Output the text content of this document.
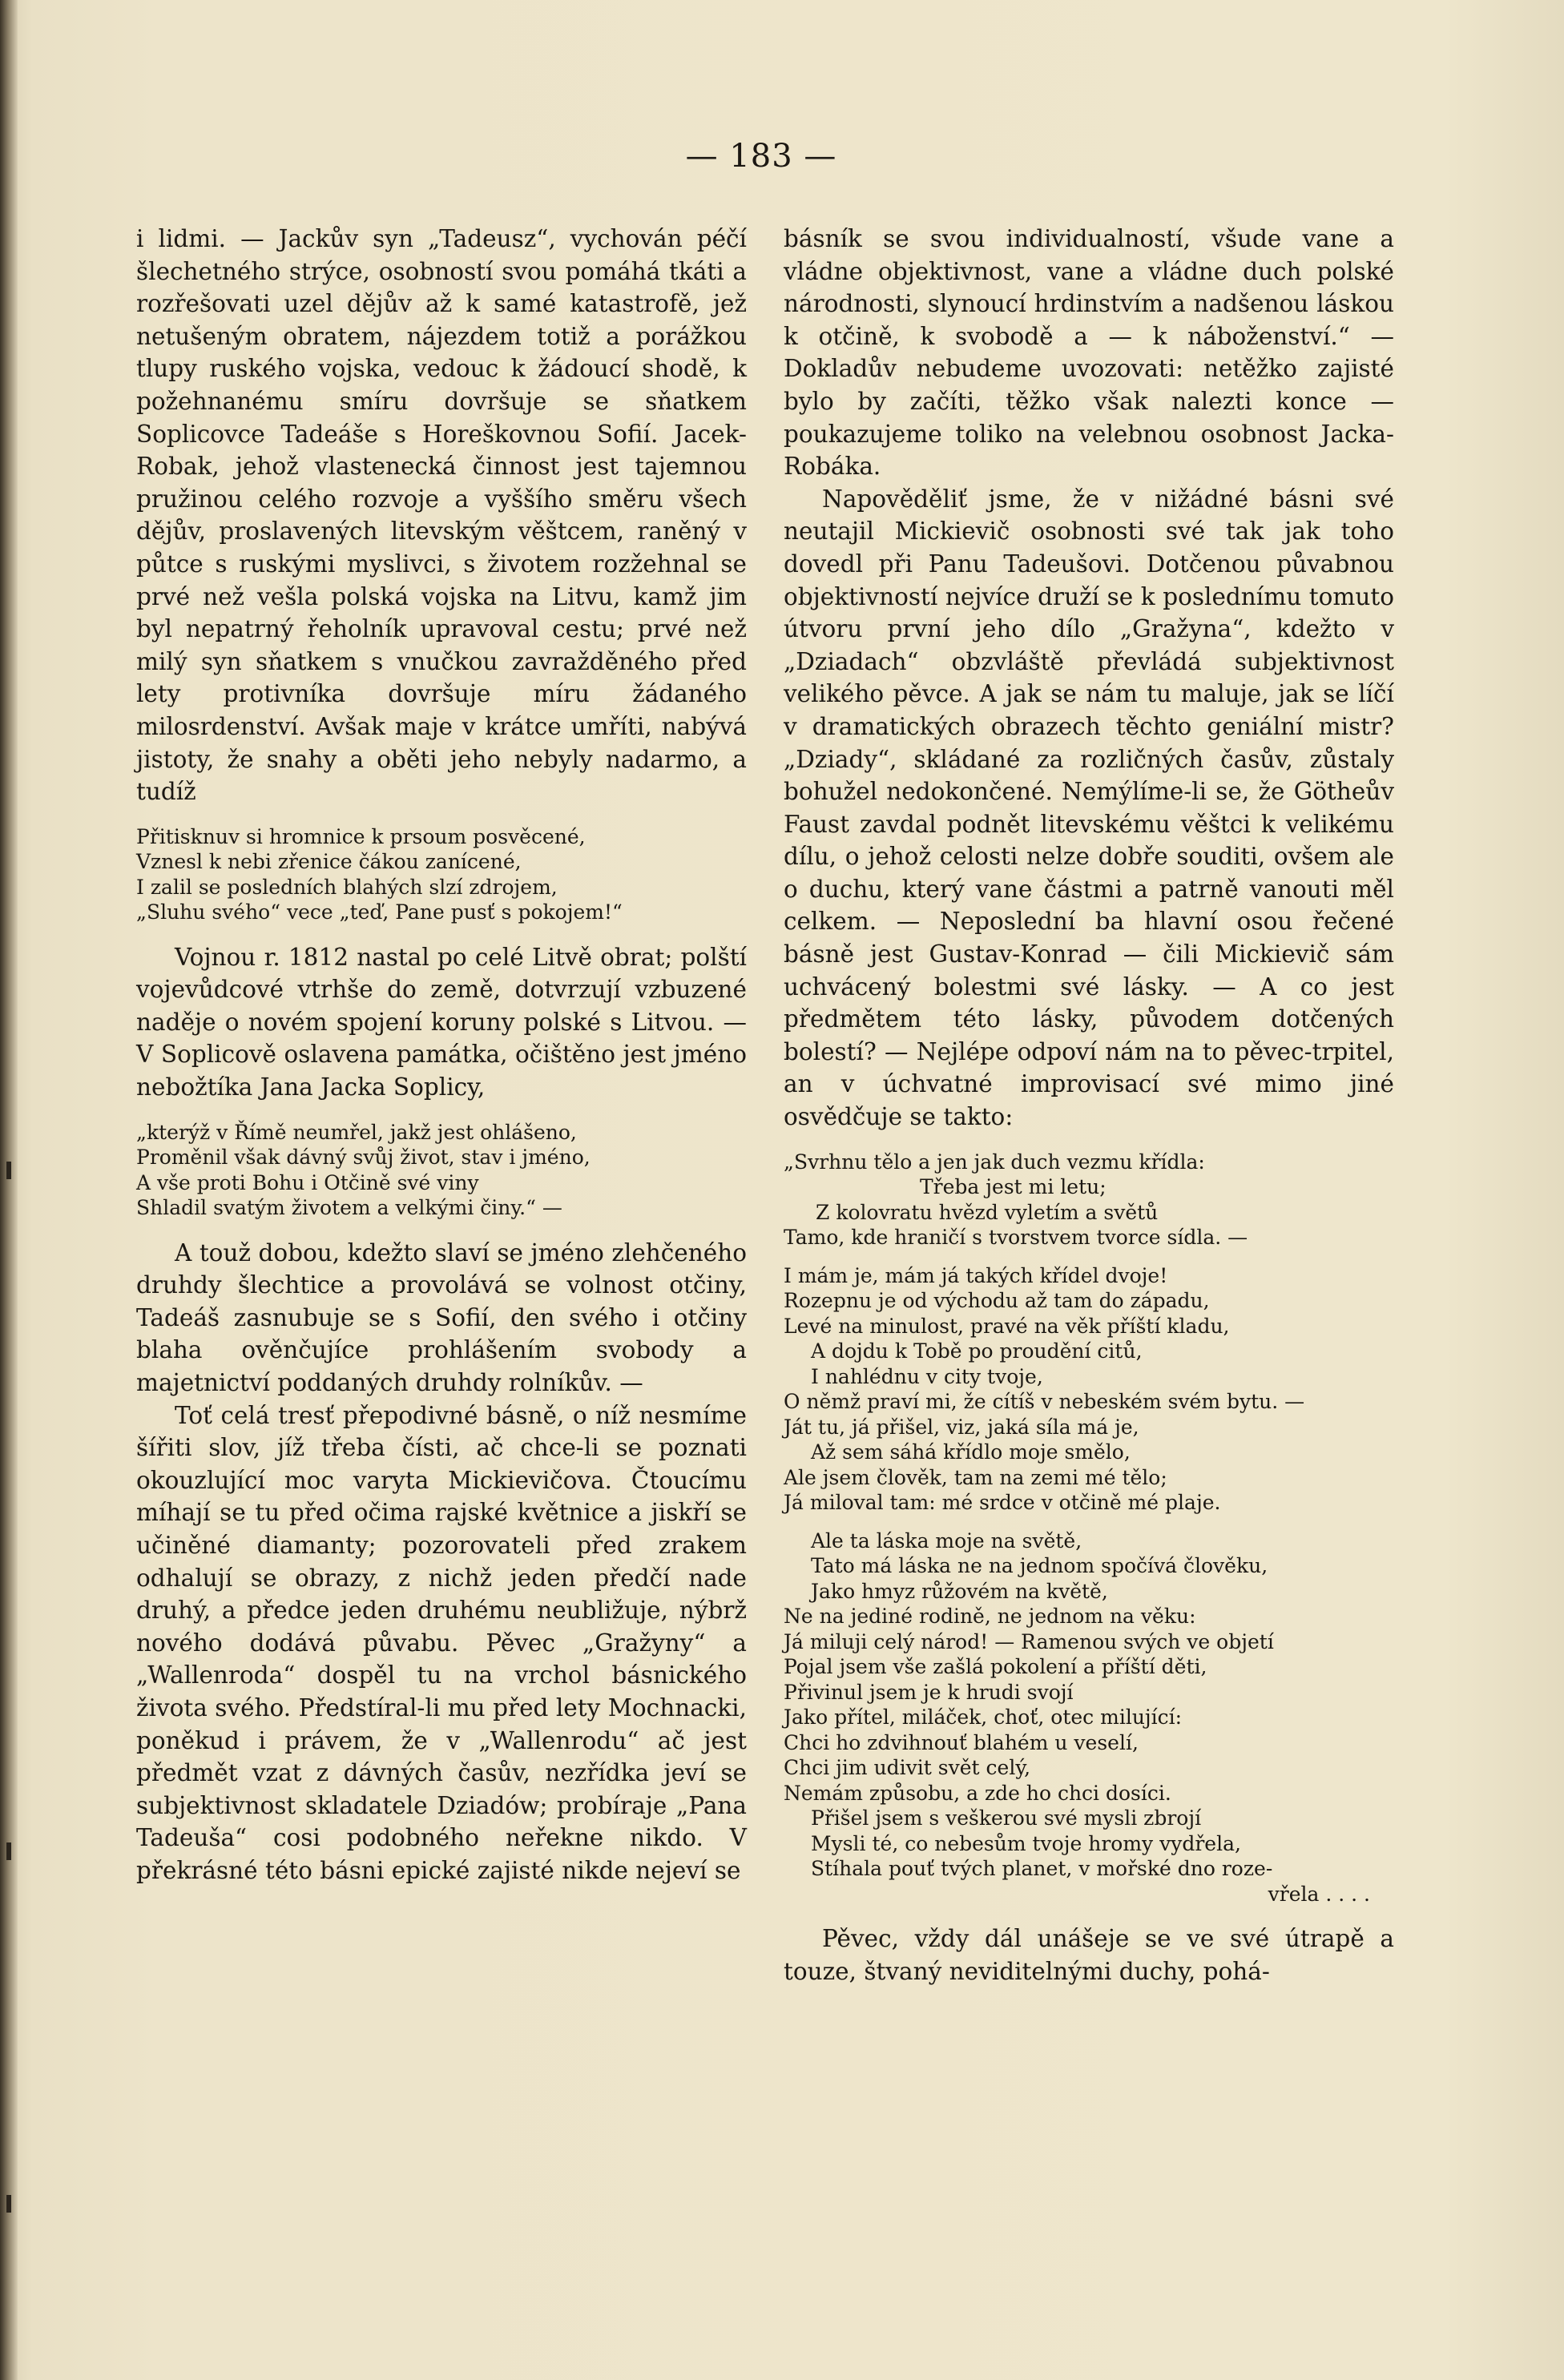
— 183 —

i lidmi. — Jackův syn „Tadeusz“, vychován péčí šlechetného strýce, osobností svou pomáhá tkáti a rozřešovati uzel dějův až k samé katastrofě, jež netušeným obratem, nájezdem totiž a porážkou tlupy ruského vojska, vedouc k žádoucí shodě, k požehnanému smíru dovršuje se sňatkem Soplicovce Tadeáše s Horeškovnou Sofií. Jacek-Robak, jehož vlastenecká činnost jest tajemnou pružinou celého rozvoje a vyššího směru všech dějův, proslavených litevským věštcem, raněný v půtce s ruskými myslivci, s životem rozžehnal se prvé než vešla polská vojska na Litvu, kamž jim byl nepatrný řeholník upravoval cestu; prvé než milý syn sňatkem s vnučkou zavražděného před lety protivníka dovršuje míru žádaného milosrdenství. Avšak maje v krátce umříti, nabývá jistoty, že snahy a oběti jeho nebyly nadarmo, a tudíž

Přitisknuv si hromnice k prsoum posvěcené,
Vznesl k nebi zřenice čákou zanícené,
I zalil se posledních blahých slzí zdrojem,
„Sluhu svého“ vece „teď, Pane pusť s pokojem!“

Vojnou r. 1812 nastal po celé Litvě obrat; polští vojevůdcové vtrhše do země, dotvrzují vzbuzené naděje o novém spojení koruny polské s Litvou. — V Soplicově oslavena památka, očištěno jest jméno nebožtíka Jana Jacka Soplicy,

„kterýž v Římě neumřel, jakž jest ohlášeno,
Proměnil však dávný svůj život, stav i jméno,
A vše proti Bohu i Otčině své viny
Shladil svatým životem a velkými činy.“ —

A touž dobou, kdežto slaví se jméno zlehčeného druhdy šlechtice a provolává se volnost otčiny, Tadeáš zasnubuje se s Sofií, den svého i otčiny blaha ověnčujíce prohlášením svobody a majetnictví poddaných druhdy rolníkův. —

Toť celá tresť přepodivné básně, o níž nesmíme šířiti slov, jíž třeba čísti, ač chce-li se poznati okouzlující moc varyta Mickievičova. Čtoucímu míhají se tu před očima rajské květnice a jiskří se učiněné diamanty; pozorovateli před zrakem odhalují se obrazy, z nichž jeden předčí nade druhý, a předce jeden druhému neubližuje, nýbrž nového dodává půvabu. Pěvec „Gražyny“ a „Wallenroda“ dospěl tu na vrchol básnického života svého. Předstíral-li mu před lety Mochnacki, poněkud i právem, že v „Wallenrodu“ ač jest předmět vzat z dávných časův, nezřídka jeví se subjektivnost skladatele Dziadów; probíraje „Pana Tadeuša“ cosi podobného neřekne nikdo. V překrásné této básni epické zajisté nikde nejeví se

básník se svou individualností, všude vane a vládne objektivnost, vane a vládne duch polské národnosti, slynoucí hrdinstvím a nadšenou láskou k otčině, k svobodě a — k náboženství.“ — Dokladův nebudeme uvozovati: netěžko zajisté bylo by začíti, těžko však nalezti konce — poukazujeme toliko na velebnou osobnost Jacka-Robáka.

Napověděliť jsme, že v nižádné básni své neutajil Mickievič osobnosti své tak jak toho dovedl při Panu Tadeušovi. Dotčenou půvabnou objektivností nejvíce druží se k poslednímu tomuto útvoru první jeho dílo „Gražyna“, kdežto v „Dziadach“ obzvláště převládá subjektivnost velikého pěvce. A jak se nám tu maluje, jak se líčí v dramatických obrazech těchto geniální mistr? „Dziady“, skládané za rozličných časův, zůstaly bohužel nedokončené. Nemýlíme-li se, že Götheův Faust zavdal podnět litevskému věštci k velikému dílu, o jehož celosti nelze dobře souditi, ovšem ale o duchu, který vane částmi a patrně vanouti měl celkem. — Neposlední ba hlavní osou řečené básně jest Gustav-Konrad — čili Mickievič sám uchvácený bolestmi své lásky. — A co jest předmětem této lásky, původem dotčených bolestí? — Nejlépe odpoví nám na to pěvec-trpitel, an v úchvatné improvisací své mimo jiné osvědčuje se takto:

„Svrhnu tělo a jen jak duch vezmu křídla:
Třeba jest mi letu;
Z kolovratu hvězd vyletím a světů
Tamo, kde hraničí s tvorstvem tvorce sídla. —
I mám je, mám já takých křídel dvoje!
Rozepnu je od východu až tam do západu,
Levé na minulost, pravé na věk příští kladu,
A dojdu k Tobě po proudění citů,
I nahlédnu v city tvoje,
O němž praví mi, že cítíš v nebeském svém bytu. —
Ját tu, já přišel, viz, jaká síla má je,
Až sem sáhá křídlo moje smělo,
Ale jsem člověk, tam na zemi mé tělo;
Já miloval tam: mé srdce v otčině mé plaje.
Ale ta láska moje na světě,
Tato má láska ne na jednom spočívá člověku,
Jako hmyz růžovém na květě,
Ne na jediné rodině, ne jednom na věku:
Já miluji celý národ! — Ramenou svých ve objetí
Pojal jsem vše zašlá pokolení a příští děti,
Přivinul jsem je k hrudi svojí
Jako přítel, miláček, choť, otec milující:
Chci ho zdvihnouť blahém u veselí,
Chci jim udivit svět celý,
Nemám způsobu, a zde ho chci dosíci.
Přišel jsem s veškerou své mysli zbrojí
Mysli té, co nebesům tvoje hromy vydřela,
Stíhala pouť tvých planet, v mořské dno roze-
vřela . . . .

Pěvec, vždy dál unášeje se ve své útrapě a touze, štvaný neviditelnými duchy, pohá-
